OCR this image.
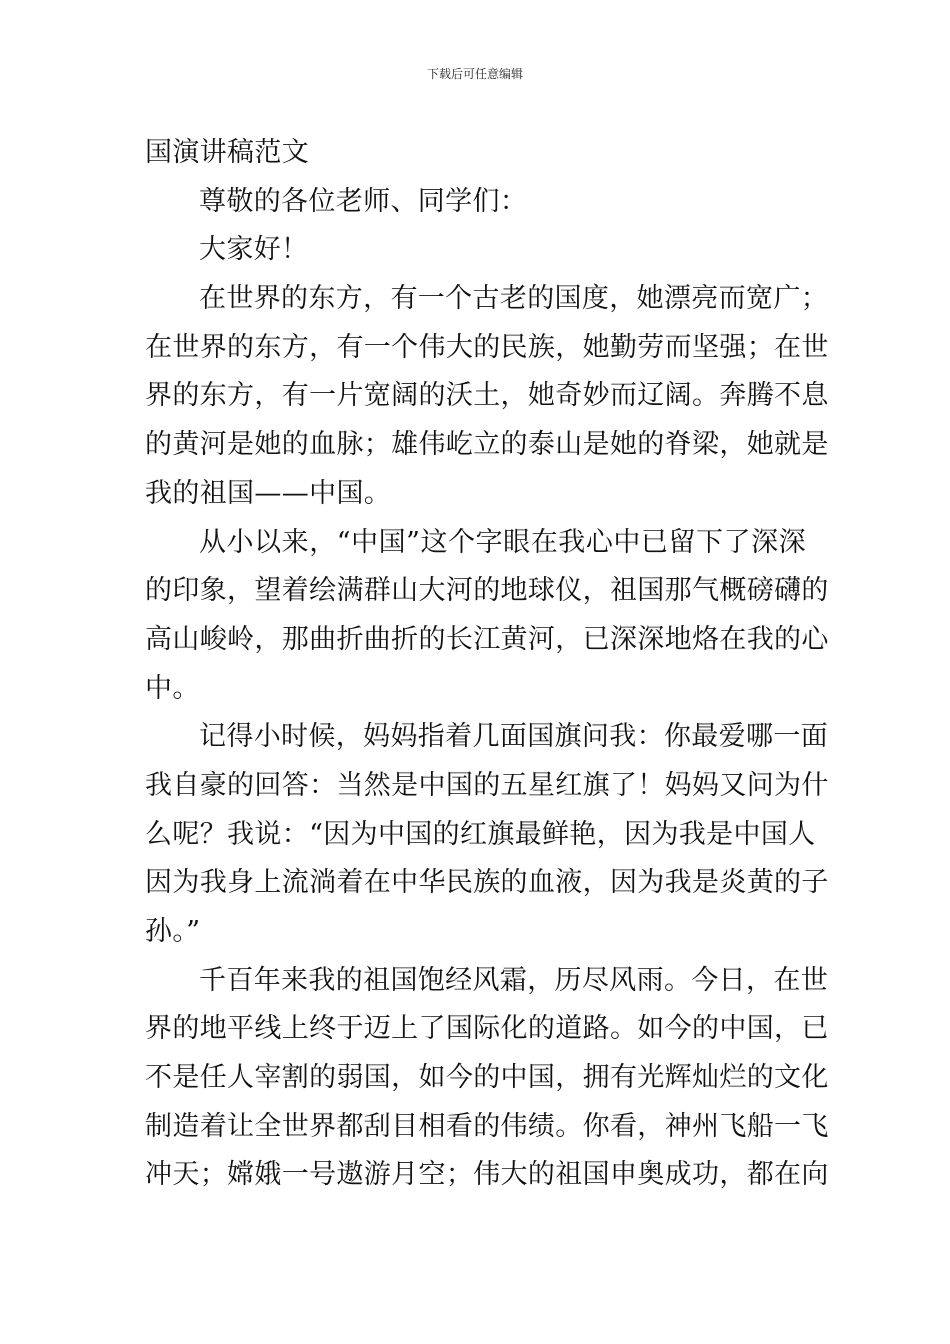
下载后可任意编辑
国演讲稿范文
尊敬的各位老师、同学们：
大家好！
在世界的东方，有一个古老的国度，她漂亮而宽广；
在世界的东方，有一个伟大的民族，她勤劳而坚强；在世
界的东方，有一片宽阔的沃土，她奇妙而辽阔。奔腾不息
的黄河是她的血脉；雄伟屹立的泰山是她的脊梁，她就是
我的祖国——中国。
从小以来，“中国”这个字眼在我心中已留下了深深
的印象，望着绘满群山大河的地球仪，祖国那气概磅礴的
高山峻岭，那曲折曲折的长江黄河，已深深地烙在我的心
中。
记得小时候，妈妈指着几面国旗问我：你最爱哪一面
我自豪的回答：当然是中国的五星红旗了！妈妈又问为什
么呢？我说：“因为中国的红旗最鲜艳，因为我是中国人
因为我身上流淌着在中华民族的血液，因为我是炎黄的子
孙。”
千百年来我的祖国饱经风霜，历尽风雨。今日，在世
界的地平线上终于迈上了国际化的道路。如今的中国，已
不是任人宰割的弱国，如今的中国，拥有光辉灿烂的文化
制造着让全世界都刮目相看的伟绩。你看，神州飞船一飞
冲天；嫦娥一号遨游月空；伟大的祖国申奥成功，都在向
